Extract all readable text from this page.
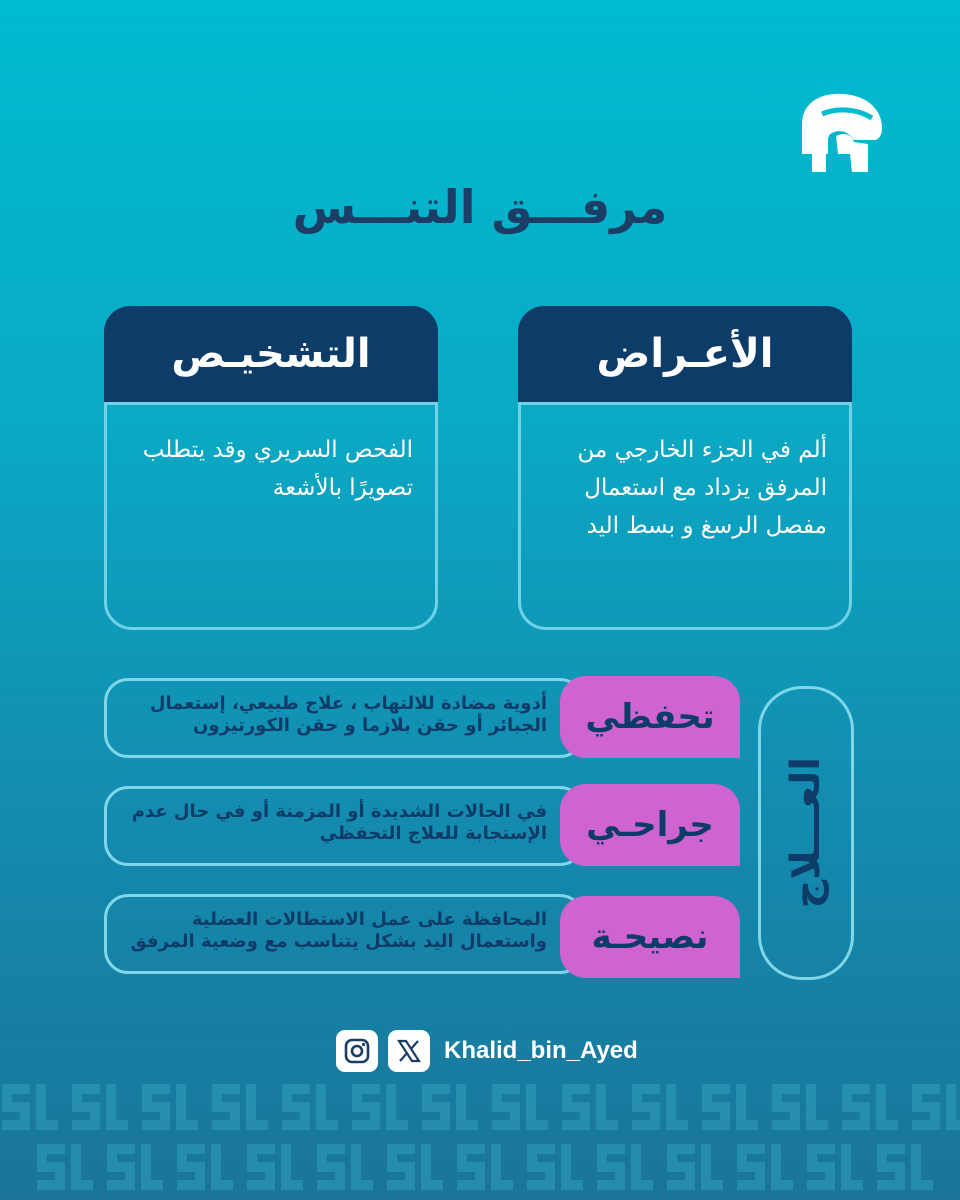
مرفـــق التنـــس
الأعـراض
ألم في الجزء الخارجي من المرفق يزداد مع استعمال مفصل الرسغ و بسط اليد
التشخيـص
الفحص السريري وقد يتطلب تصويرًا بالأشعة
العـــلاج
أدوية مضادة للالتهاب ، علاج طبيعي، إستعمال الجبائر أو حقن بلازما و حقن الكورتيزون	تحفظي
في الحالات الشديدة أو المزمنة أو في حال عدم الإستجابة للعلاج التحفظي	جراحـي
المحافظة على عمل الاستطالات العضلية واستعمال اليد بشكل يتناسب مع وضعية المرفق	نصيحـة
Khalid_bin_Ayed
